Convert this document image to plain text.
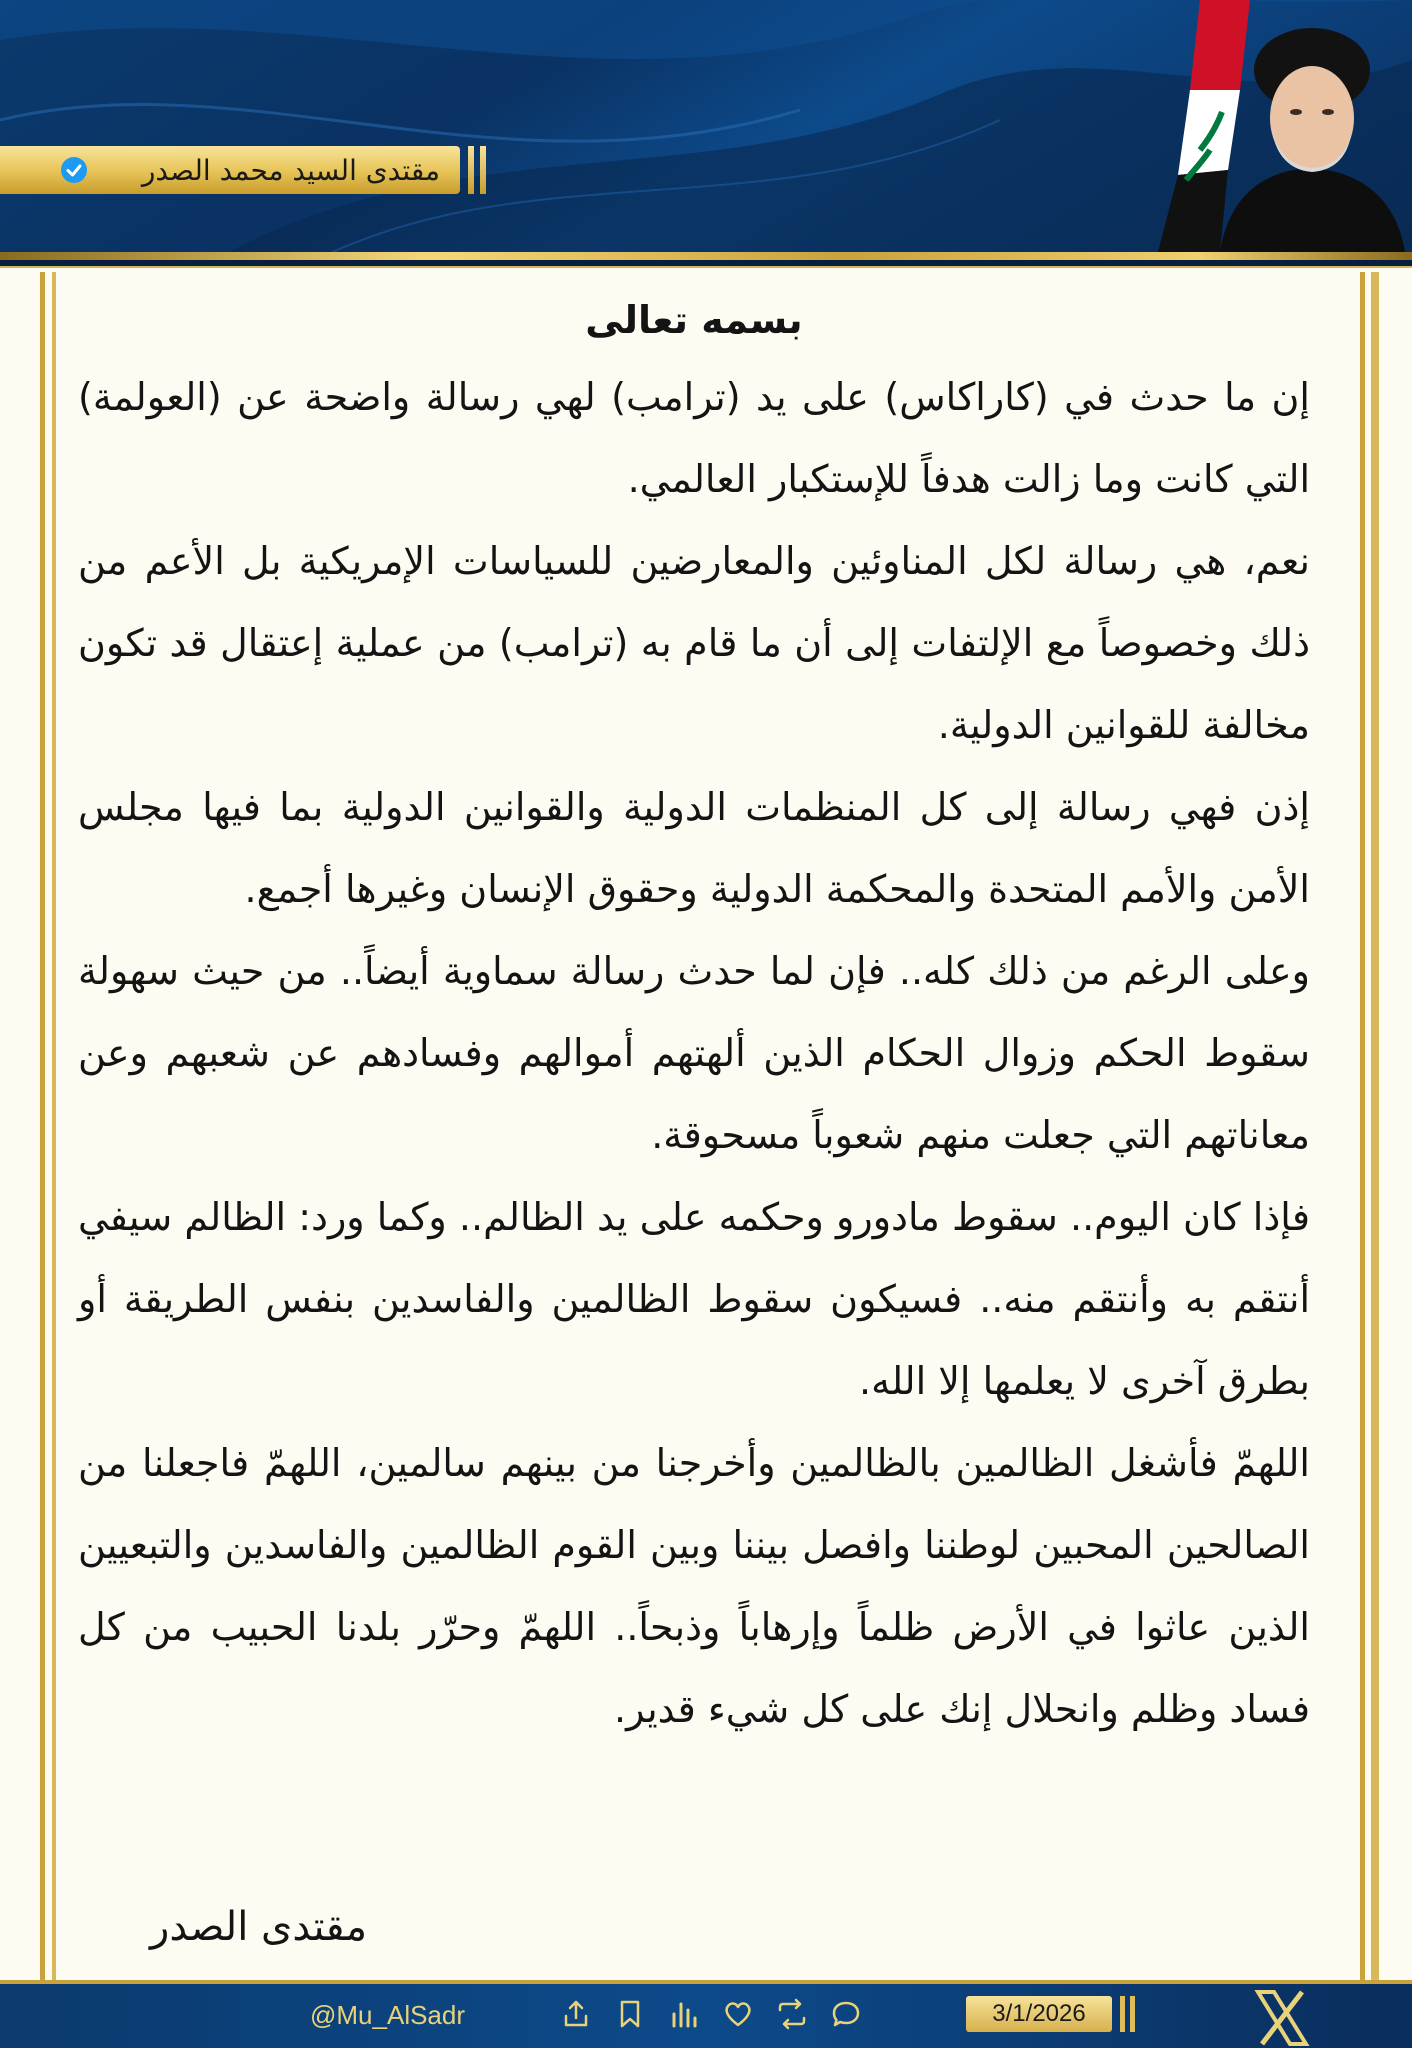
مقتدى السيد محمد الصدر
بسمه تعالى

إن ما حدث في (كاراكاس) على يد (ترامب) لهي رسالة واضحة عن (العولمة) التي كانت وما زالت هدفاً للإستكبار العالمي.

نعم، هي رسالة لكل المناوئين والمعارضين للسياسات الإمريكية بل الأعم من ذلك وخصوصاً مع الإلتفات إلى أن ما قام به (ترامب) من عملية إعتقال قد تكون مخالفة للقوانين الدولية.

إذن فهي رسالة إلى كل المنظمات الدولية والقوانين الدولية بما فيها مجلس الأمن والأمم المتحدة والمحكمة الدولية وحقوق الإنسان وغيرها أجمع.

وعلى الرغم من ذلك كله.. فإن لما حدث رسالة سماوية أيضاً.. من حيث سهولة سقوط الحكم وزوال الحكام الذين ألهتهم أموالهم وفسادهم عن شعبهم وعن معاناتهم التي جعلت منهم شعوباً مسحوقة.

فإذا كان اليوم.. سقوط مادورو وحكمه على يد الظالم.. وكما ورد: الظالم سيفي أنتقم به وأنتقم منه.. فسيكون سقوط الظالمين والفاسدين بنفس الطريقة أو بطرق آخرى لا يعلمها إلا الله.

اللهمّ فأشغل الظالمين بالظالمين وأخرجنا من بينهم سالمين، اللهمّ فاجعلنا من الصالحين المحبين لوطننا وافصل بيننا وبين القوم الظالمين والفاسدين والتبعيين الذين عاثوا في الأرض ظلماً وإرهاباً وذبحاً.. اللهمّ وحرّر بلدنا الحبيب من كل فساد وظلم وانحلال إنك على كل شيء قدير.

مقتدى الصدر
@Mu_AlSadr	3/1/2026
